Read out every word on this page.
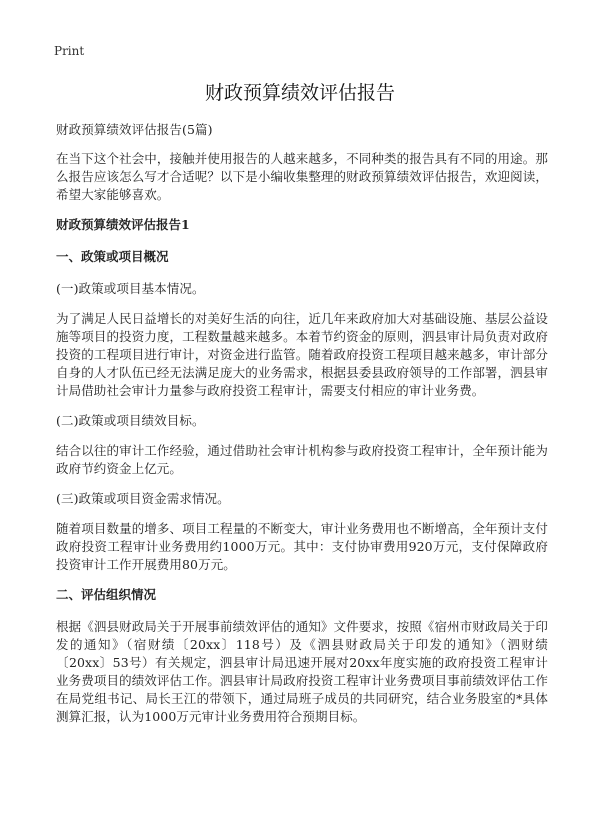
Print
财政预算绩效评估报告

财政预算绩效评估报告(5篇)

在当下这个社会中，接触并使用报告的人越来越多，不同种类的报告具有不同的用途。那么报告应该怎么写才合适呢？以下是小编收集整理的财政预算绩效评估报告，欢迎阅读，希望大家能够喜欢。

财政预算绩效评估报告1

一、政策或项目概况

(一)政策或项目基本情况。

为了满足人民日益增长的对美好生活的向往，近几年来政府加大对基础设施、基层公益设施等项目的投资力度，工程数量越来越多。本着节约资金的原则，泗县审计局负责对政府投资的工程项目进行审计，对资金进行监管。随着政府投资工程项目越来越多，审计部分自身的人才队伍已经无法满足庞大的业务需求，根据县委县政府领导的工作部署，泗县审计局借助社会审计力量参与政府投资工程审计，需要支付相应的审计业务费。

(二)政策或项目绩效目标。

结合以往的审计工作经验，通过借助社会审计机构参与政府投资工程审计，全年预计能为政府节约资金上亿元。

(三)政策或项目资金需求情况。

随着项目数量的增多、项目工程量的不断变大，审计业务费用也不断增高，全年预计支付政府投资工程审计业务费用约1000万元。其中：支付协审费用920万元，支付保障政府投资审计工作开展费用80万元。

二、评估组织情况

根据《泗县财政局关于开展事前绩效评估的通知》文件要求，按照《宿州市财政局关于印发的通知》（宿财绩〔20xx〕118号）及《泗县财政局关于印发的通知》（泗财绩〔20xx〕53号）有关规定，泗县审计局迅速开展对20xx年度实施的政府投资工程审计业务费项目的绩效评估工作。泗县审计局政府投资工程审计业务费项目事前绩效评估工作在局党组书记、局长王江的带领下，通过局班子成员的共同研究，结合业务股室的*具体测算汇报，认为1000万元审计业务费用符合预期目标。
